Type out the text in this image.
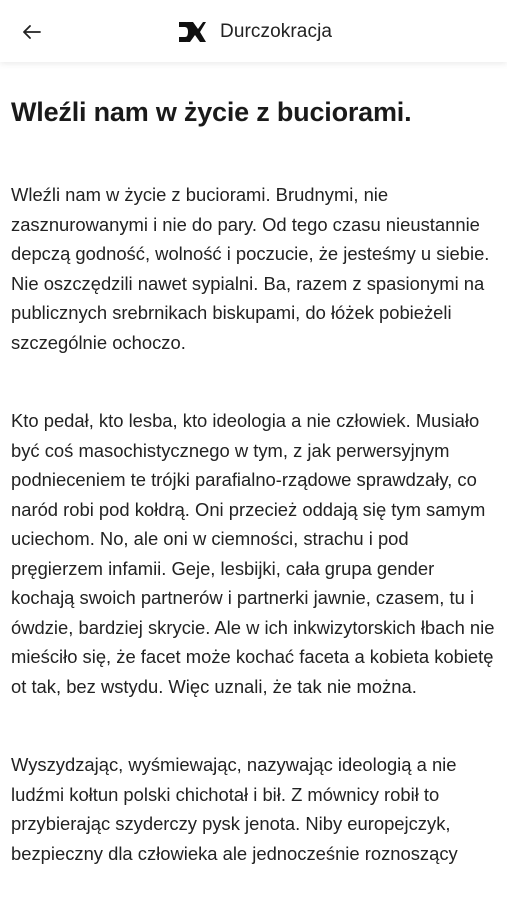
Durczokracja
Wleźli nam w życie z buciorami.

Wleźli nam w życie z buciorami. Brudnymi, nie zasznurowanymi i nie do pary. Od tego czasu nieustannie depczą godność, wolność i poczucie, że jesteśmy u siebie. Nie oszczędzili nawet sypialni. Ba, razem z spasionymi na publicznych srebrnikach biskupami, do łóżek pobieżeli szczególnie ochoczo.

Kto pedał, kto lesba, kto ideologia a nie człowiek. Musiało być coś masochistycznego w tym, z jak perwersyjnym podnieceniem te trójki parafialno-rządowe sprawdzały, co naród robi pod kołdrą. Oni przecież oddają się tym samym uciechom. No, ale oni w ciemności, strachu i pod pręgierzem infamii. Geje, lesbijki, cała grupa gender kochają swoich partnerów i partnerki jawnie, czasem, tu i ówdzie, bardziej skrycie. Ale w ich inkwizytorskich łbach nie mieściło się, że facet może kochać faceta a kobieta kobietę ot tak, bez wstydu. Więc uznali, że tak nie można.

Wyszydzając, wyśmiewając, nazywając ideologią a nie ludźmi kołtun polski chichotał i bił. Z mównicy robił to przybierając szyderczy pysk jenota. Niby europejczyk, bezpieczny dla człowieka ale jednocześnie roznoszący
